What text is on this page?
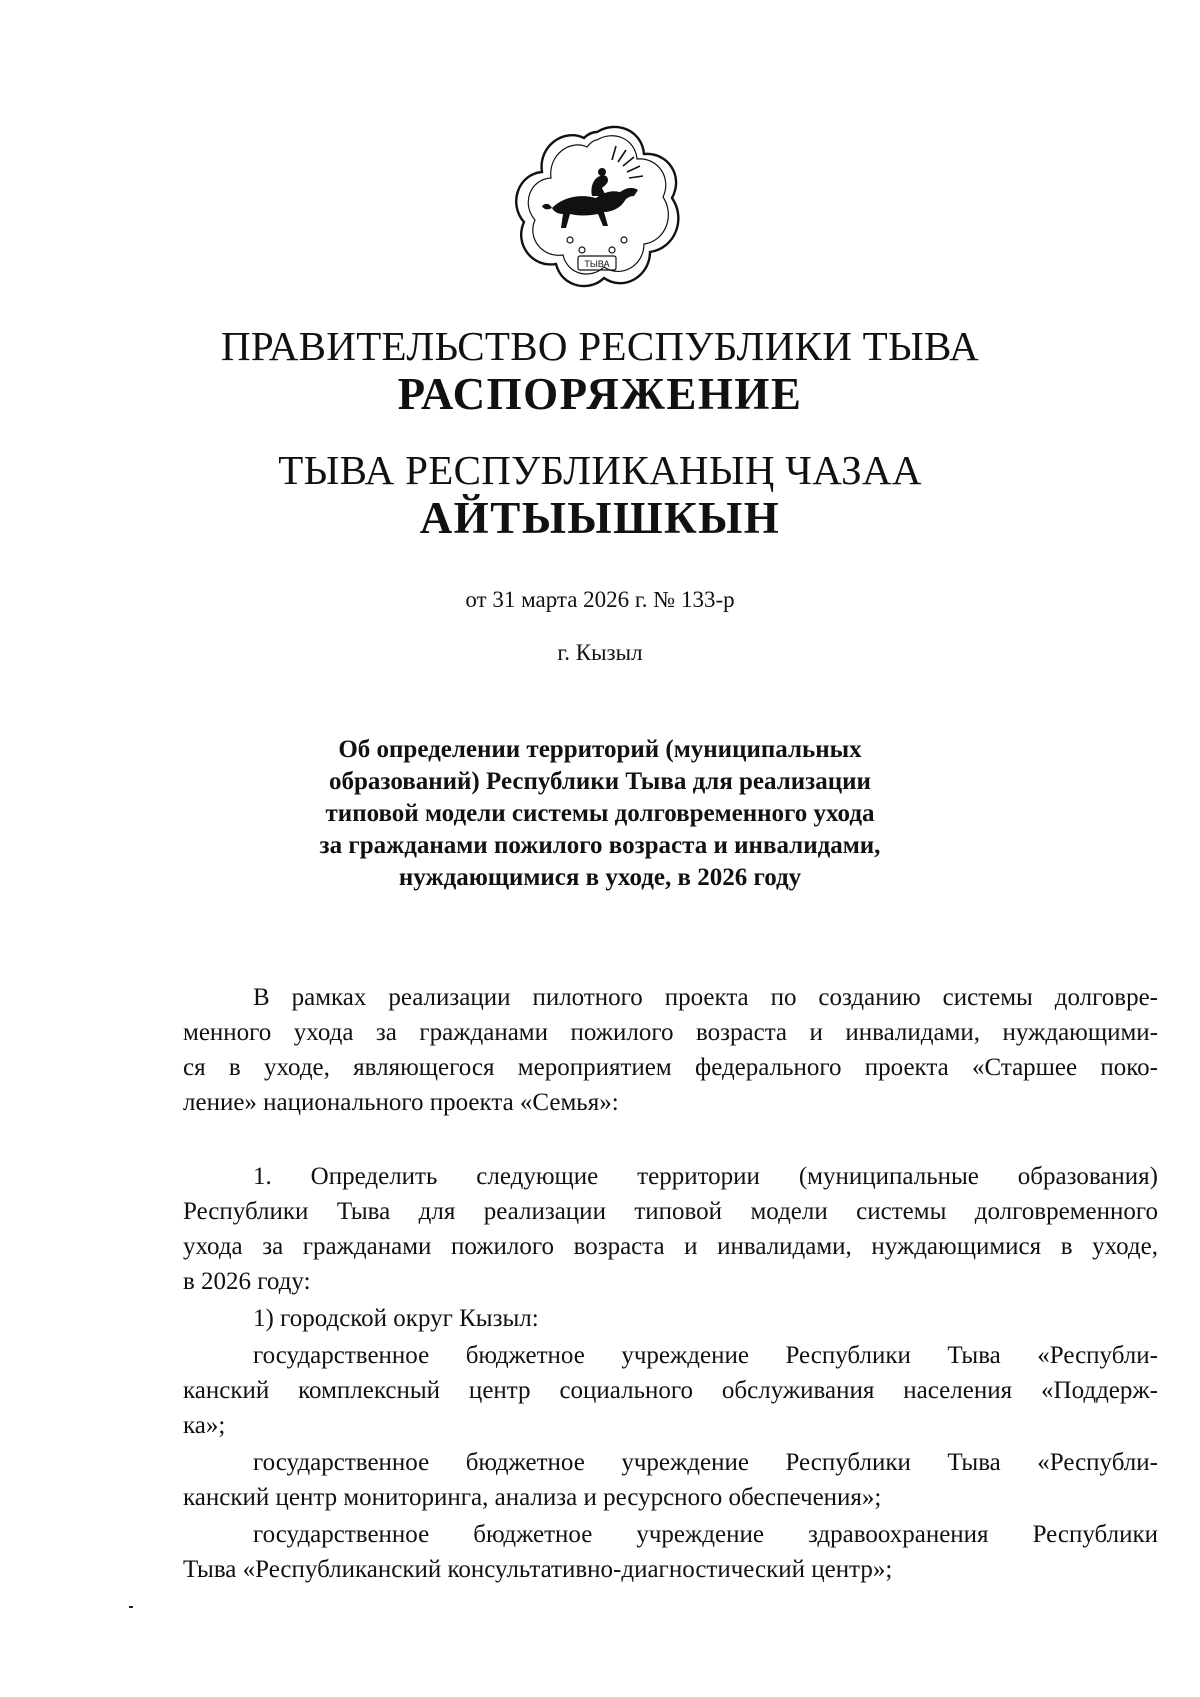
ТЫВА
ПРАВИТЕЛЬСТВО РЕСПУБЛИКИ ТЫВА
РАСПОРЯЖЕНИЕ
ТЫВА РЕСПУБЛИКАНЫҢ ЧАЗАА
АЙТЫЫШКЫН
от 31 марта 2026 г. № 133-р
г. Кызыл
Об определении территорий (муниципальных
образований) Республики Тыва для реализации
типовой модели системы долговременного ухода
за гражданами пожилого возраста и инвалидами,
нуждающимися в уходе, в 2026 году
В рамках реализации пилотного проекта по созданию системы долговре-
менного ухода за гражданами пожилого возраста и инвалидами, нуждающими-
ся в уходе, являющегося мероприятием федерального проекта «Старшее поко-
ление» национального проекта «Семья»:
1. Определить следующие территории (муниципальные образования)
Республики Тыва для реализации типовой модели системы долговременного
ухода за гражданами пожилого возраста и инвалидами, нуждающимися в уходе,
в 2026 году:
1) городской округ Кызыл:
государственное бюджетное учреждение Республики Тыва «Республи-
канский комплексный центр социального обслуживания населения «Поддерж-
ка»;
государственное бюджетное учреждение Республики Тыва «Республи-
канский центр мониторинга, анализа и ресурсного обеспечения»;
государственное бюджетное учреждение здравоохранения Республики
Тыва «Республиканский консультативно-диагностический центр»;
